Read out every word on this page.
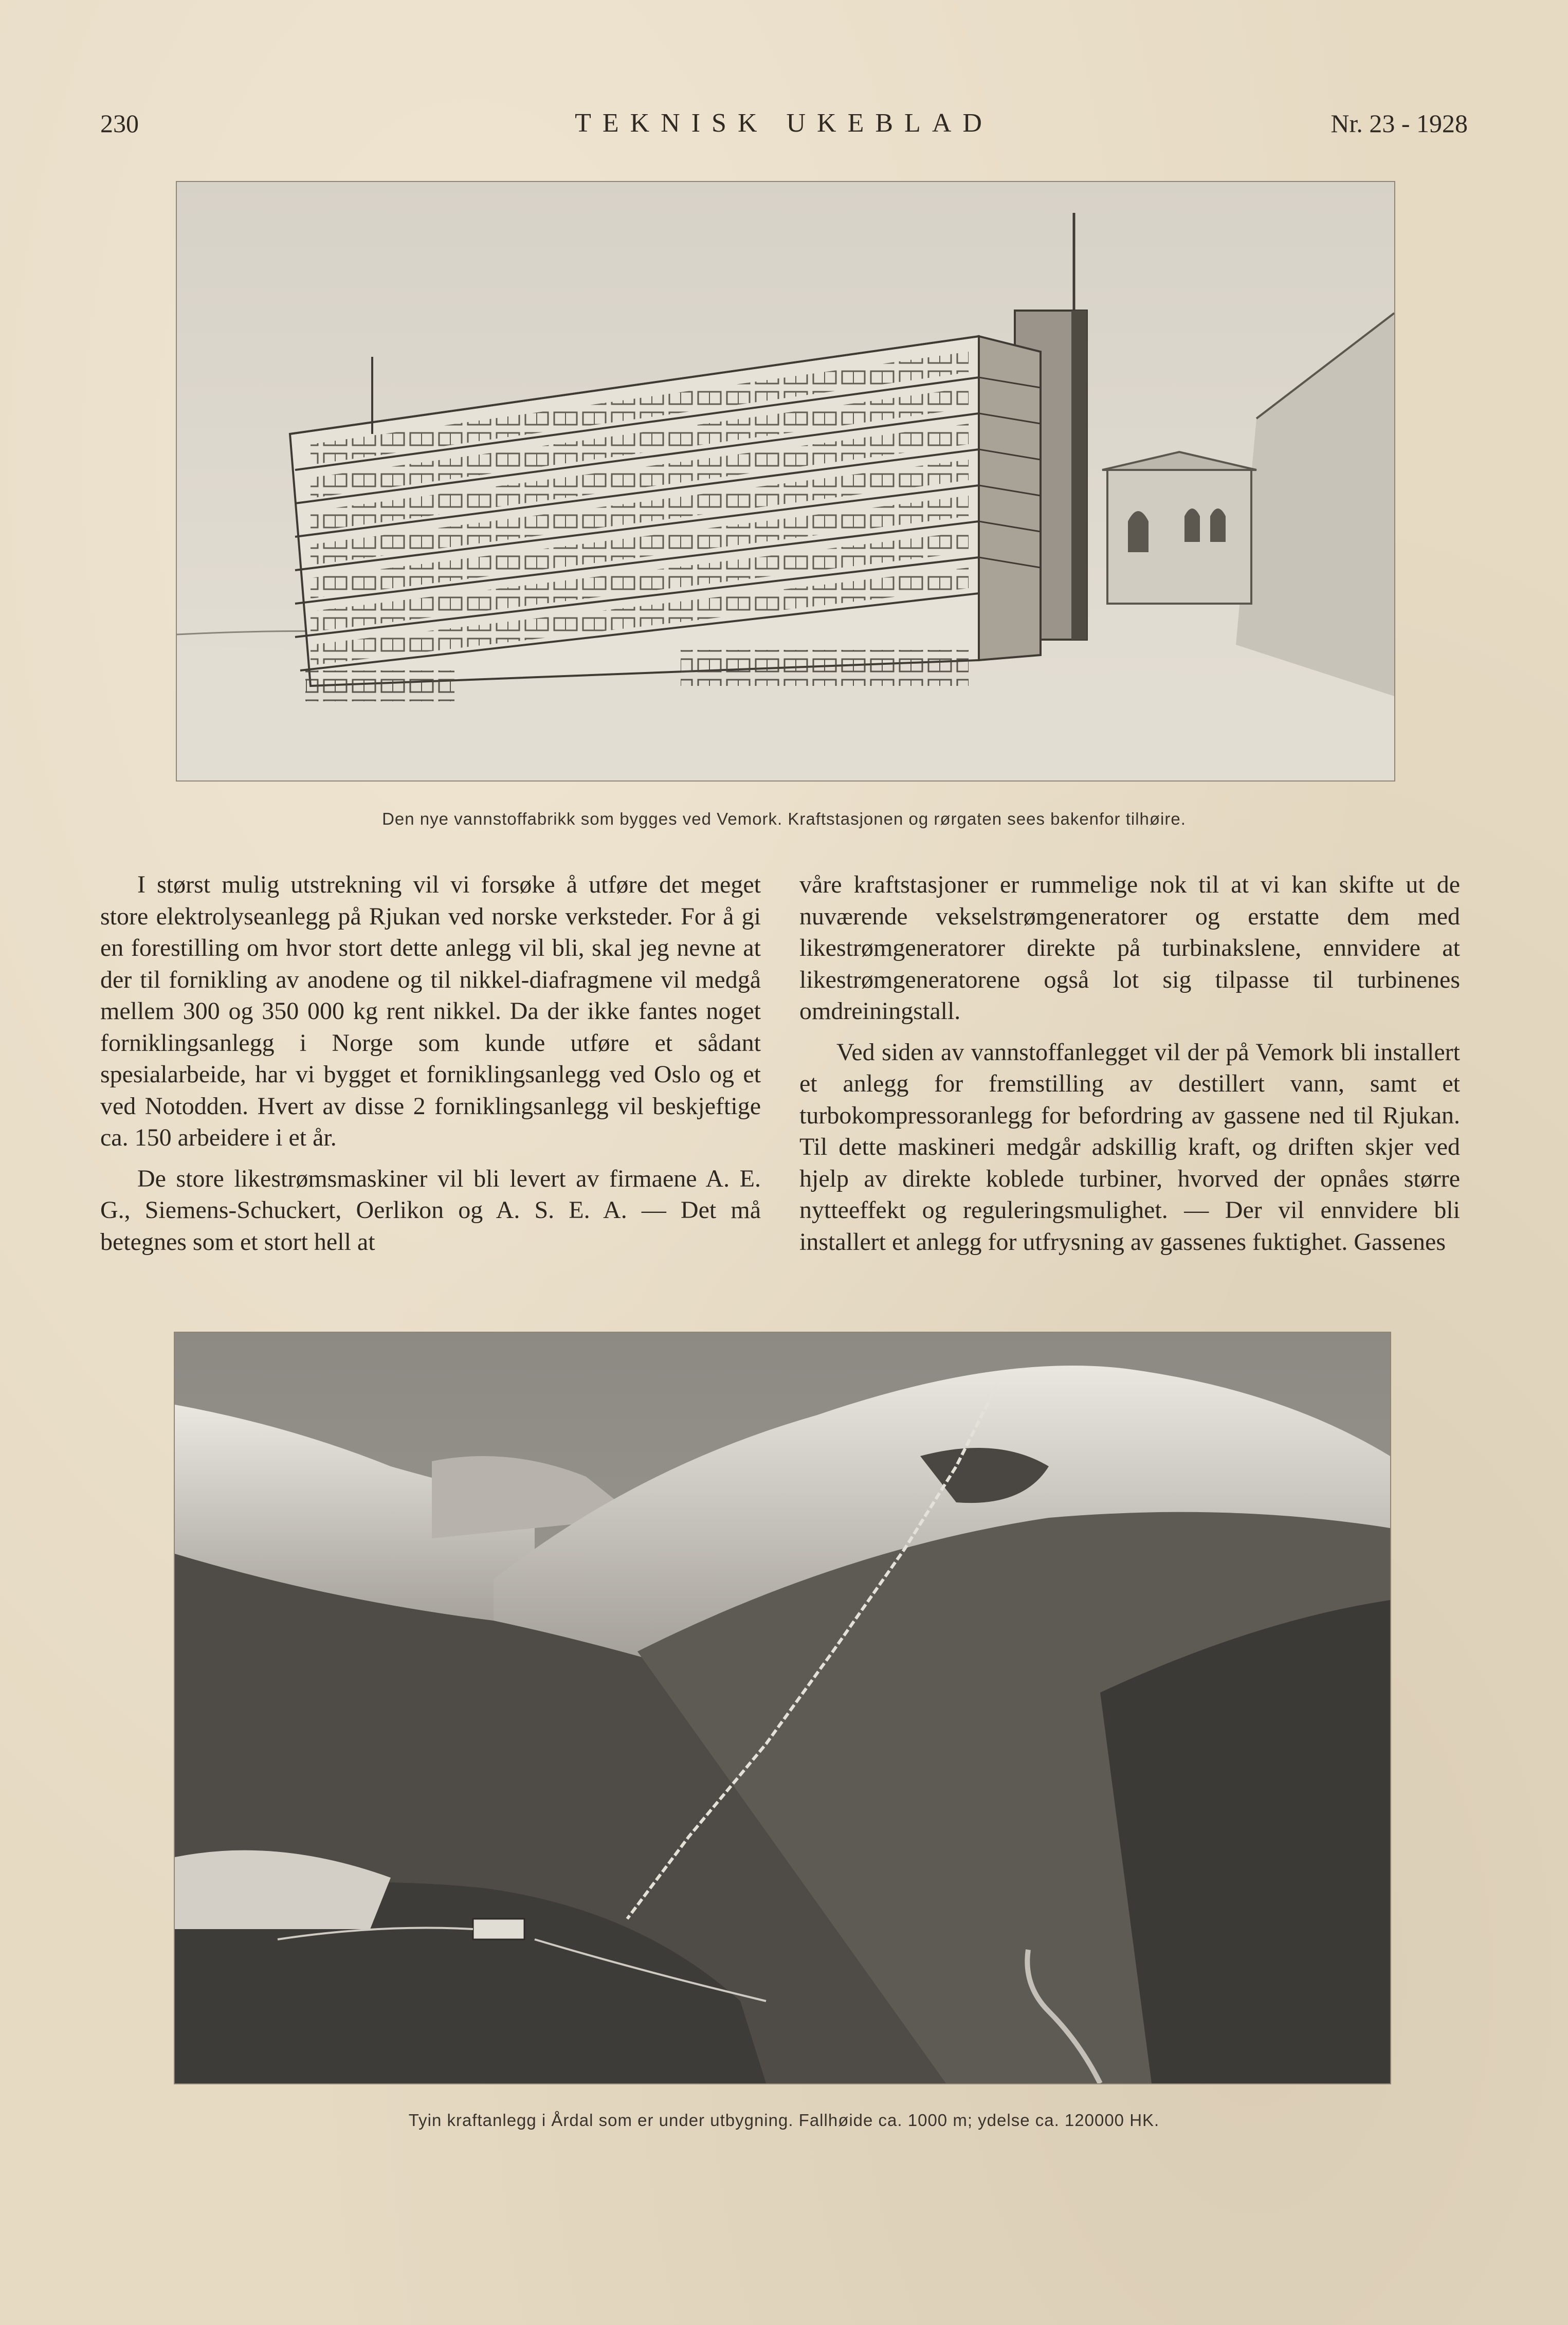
230	TEKNISK UKEBLAD	Nr. 23 - 1928
Den nye vannstoffabrikk som bygges ved Vemork. Kraftstasjonen og rørgaten sees bakenfor tilhøire.

I størst mulig utstrekning vil vi forsøke å utføre det meget store elektrolyseanlegg på Rjukan ved norske verksteder. For å gi en forestilling om hvor stort dette anlegg vil bli, skal jeg nevne at der til fornikling av anodene og til nikkel-diafragmene vil medgå mellem 300 og 350 000 kg rent nikkel. Da der ikke fantes noget forniklingsanlegg i Norge som kunde utføre et sådant spesialarbeide, har vi bygget et forniklingsanlegg ved Oslo og et ved Notodden. Hvert av disse 2 forniklingsanlegg vil beskjeftige ca. 150 arbeidere i et år.

De store likestrømsmaskiner vil bli levert av firmaene A. E. G., Siemens-Schuckert, Oerlikon og A. S. E. A. — Det må betegnes som et stort hell at

våre kraftstasjoner er rummelige nok til at vi kan skifte ut de nuværende vekselstrømgeneratorer og erstatte dem med likestrømgeneratorer direkte på turbinakslene, ennvidere at likestrømgeneratorene også lot sig tilpasse til turbinenes omdreiningstall.

Ved siden av vannstoffanlegget vil der på Vemork bli installert et anlegg for fremstilling av destillert vann, samt et turbokompressoranlegg for befordring av gassene ned til Rjukan. Til dette maskineri medgår adskillig kraft, og driften skjer ved hjelp av direkte koblede turbiner, hvorved der opnåes større nytteeffekt og reguleringsmulighet. — Der vil ennvidere bli installert et anlegg for utfrysning av gassenes fuktighet. Gassenes

Tyin kraftanlegg i Årdal som er under utbygning. Fallhøide ca. 1000 m; ydelse ca. 120000 HK.
